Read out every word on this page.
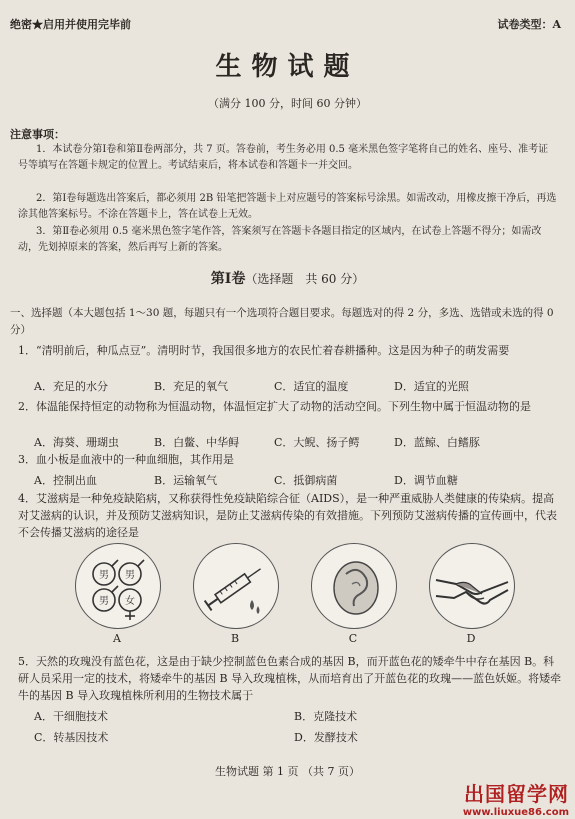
绝密★启用并使用完毕前	试卷类型：A
生物试题
（满分 100 分，时间 60 分钟）
注意事项：
1．本试卷分第Ⅰ卷和第Ⅱ卷两部分，共 7 页。答卷前，考生务必用 0.5 毫米黑色签字笔将自己的姓名、座号、准考证号等填写在答题卡规定的位置上。考试结束后，将本试卷和答题卡一并交回。
2．第Ⅰ卷每题选出答案后，都必须用 2B 铅笔把答题卡上对应题号的答案标号涂黑。如需改动，用橡皮擦干净后，再选涂其他答案标号。不涂在答题卡上，答在试卷上无效。
3．第Ⅱ卷必须用 0.5 毫米黑色签字笔作答，答案须写在答题卡各题目指定的区域内，在试卷上答题不得分；如需改动，先划掉原来的答案，然后再写上新的答案。
第Ⅰ卷（选择题　共 60 分）
一、选择题（本大题包括 1～30 题，每题只有一个选项符合题目要求。每题选对的得 2 分，多选、选错或未选的得 0 分）
1．“清明前后，种瓜点豆”。清明时节，我国很多地方的农民忙着春耕播种。这是因为种子的萌发需要
A．充足的水分	B．充足的氧气	C．适宜的温度	D．适宜的光照
2．体温能保持恒定的动物称为恒温动物，体温恒定扩大了动物的活动空间。下列生物中属于恒温动物的是
A．海葵、珊瑚虫	B．白鳖、中华鲟	C．大鲵、扬子鳄	D．蓝鲸、白鳍豚
3．血小板是血液中的一种血细胞，其作用是
A．控制出血	B．运输氧气	C．抵御病菌	D．调节血糖
4．艾滋病是一种免疫缺陷病，又称获得性免疫缺陷综合征（AIDS），是一种严重威胁人类健康的传染病。提高对艾滋病的认识，并及预防艾滋病知识，是防止艾滋病传染的有效措施。下列预防艾滋病传播的宣传画中，代表不会传播艾滋病的途径是
男 男
男 女
A	B	C	D
5．天然的玫瑰没有蓝色花，这是由于缺少控制蓝色色素合成的基因 B，而开蓝色花的矮牵牛中存在基因 B。科研人员采用一定的技术，将矮牵牛的基因 B 导入玫瑰植株，从而培育出了开蓝色花的玫瑰——蓝色妖姬。将矮牵牛的基因 B 导入玫瑰植株所利用的生物技术属于
A．干细胞技术	B．克隆技术
C．转基因技术	D．发酵技术
生物试题 第 1 页 （共 7 页）
出国留学网
www.liuxue86.com
